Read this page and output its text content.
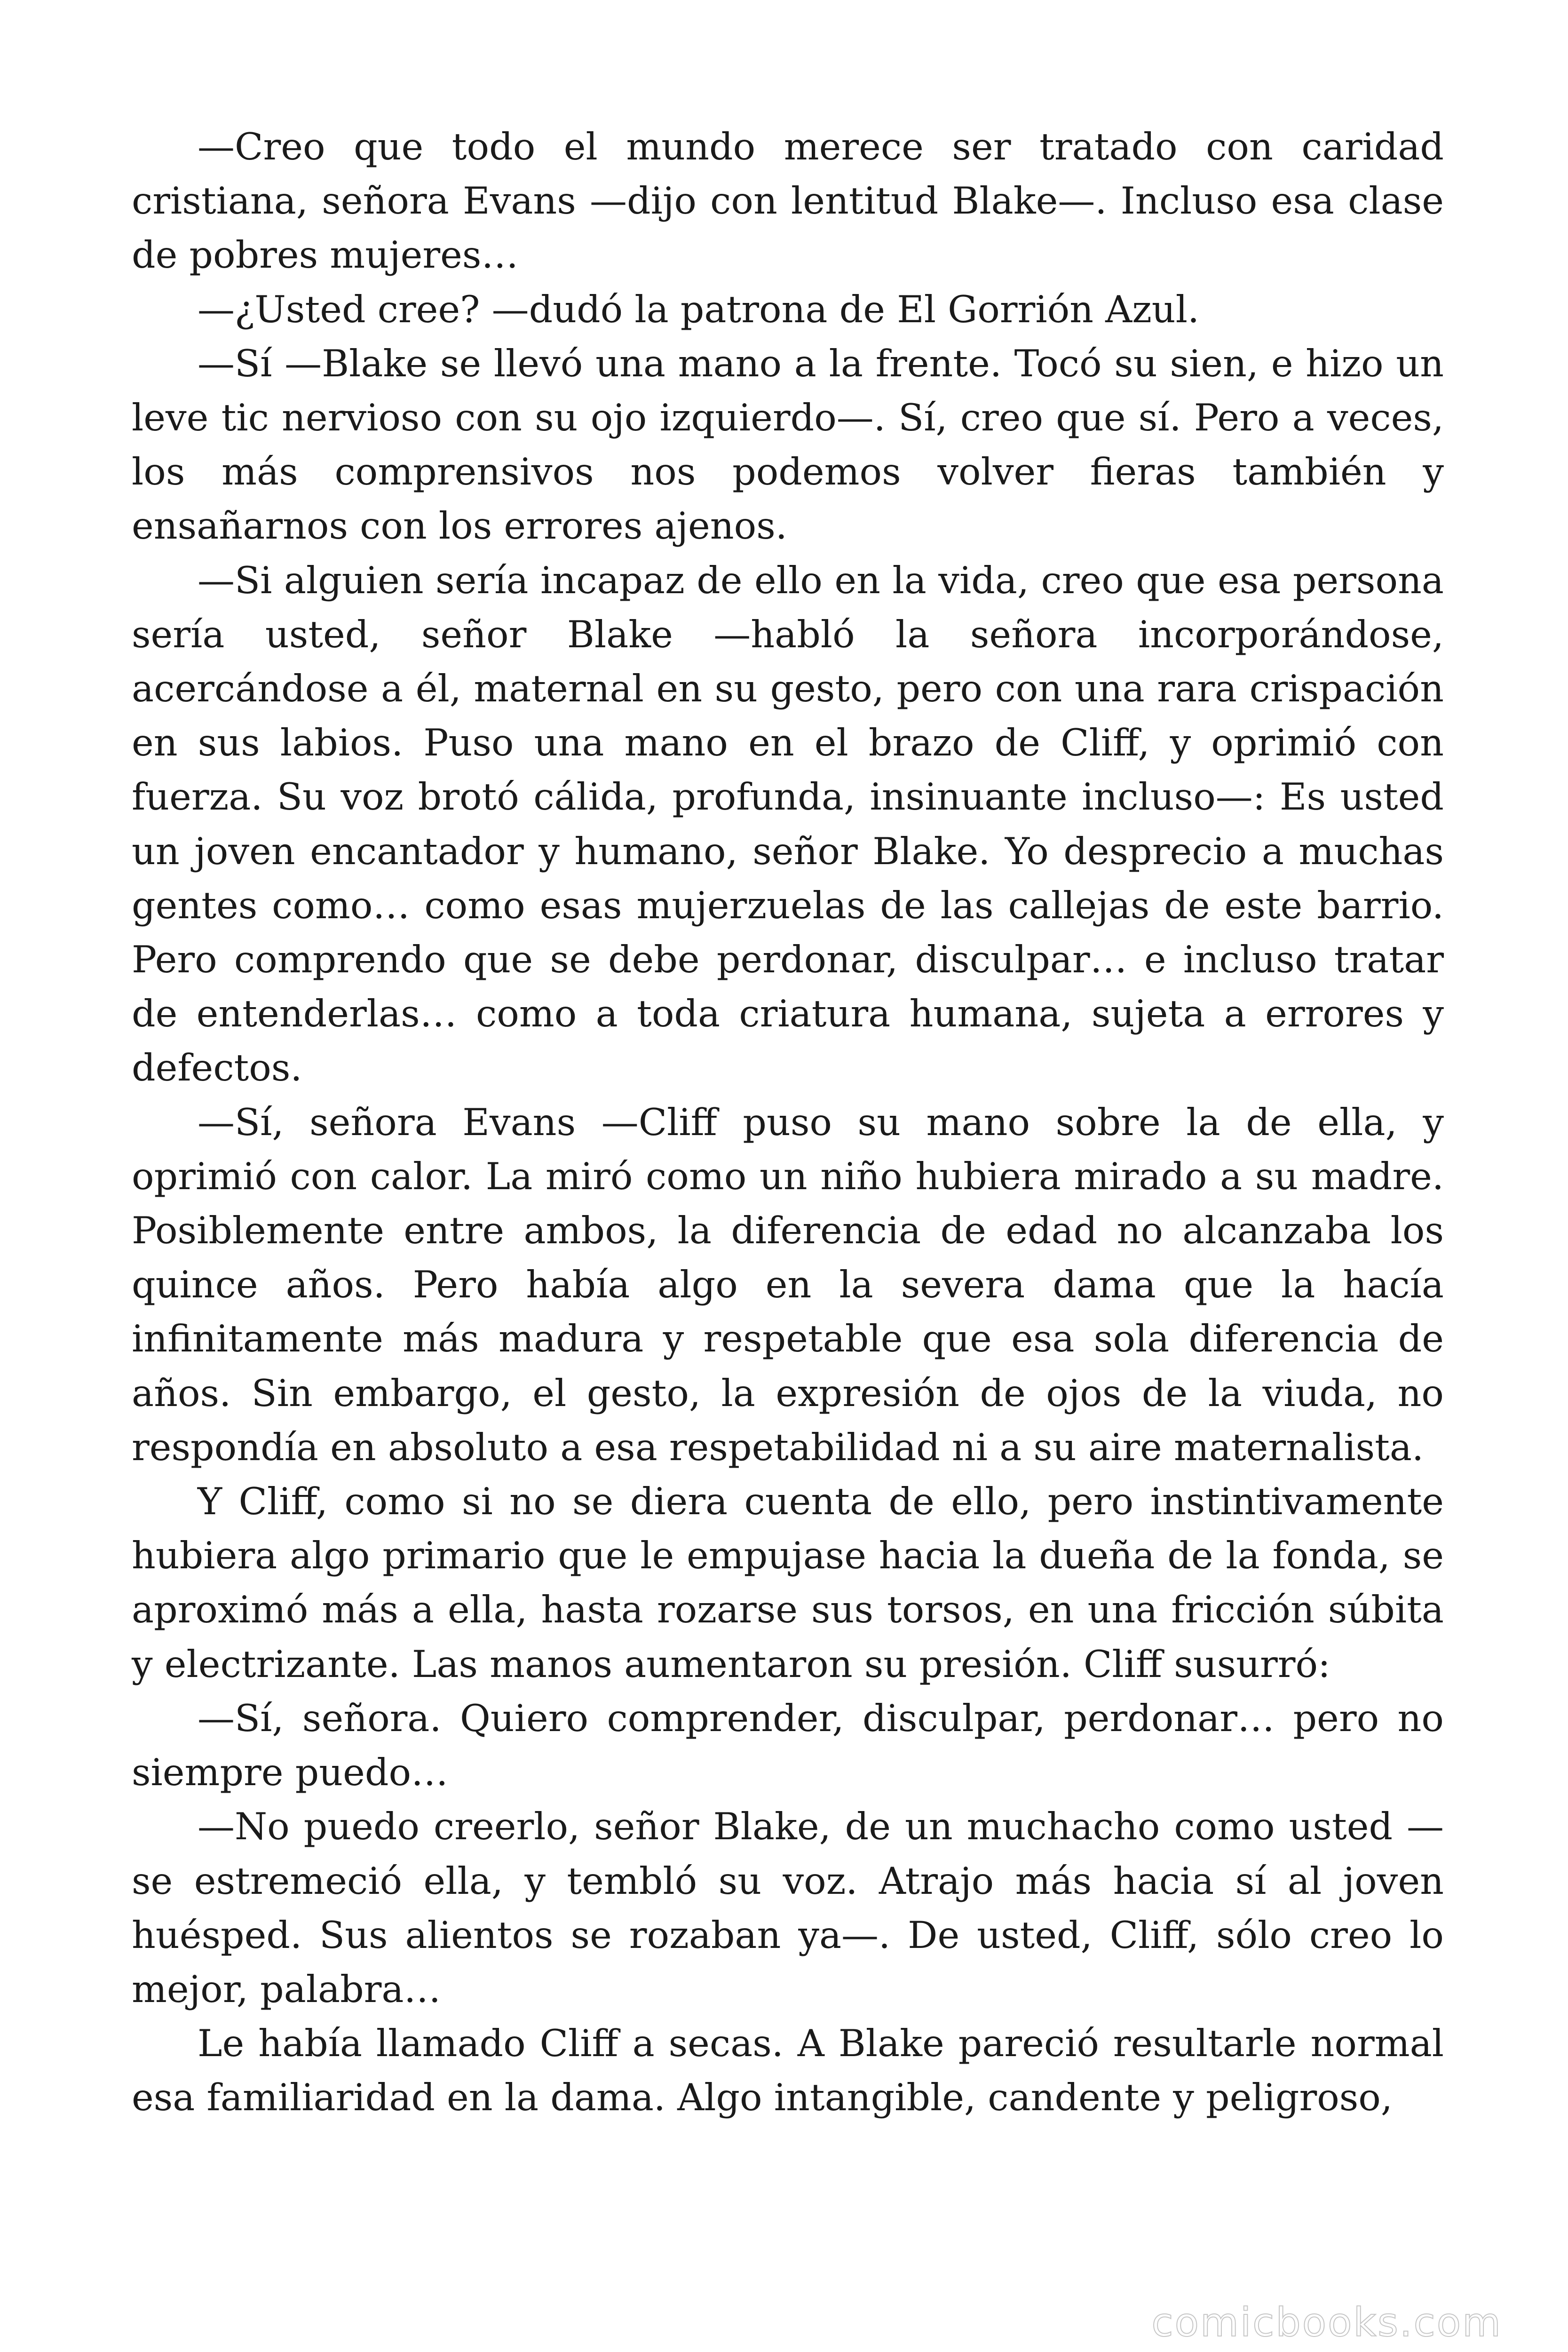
—Creo que todo el mundo merece ser tratado con caridad cristiana, señora Evans —dijo con lentitud Blake—. Incluso esa clase de pobres mujeres…

—¿Usted cree? —dudó la patrona de El Gorrión Azul.

—Sí —Blake se llevó una mano a la frente. Tocó su sien, e hizo un leve tic nervioso con su ojo izquierdo—. Sí, creo que sí. Pero a veces, los más comprensivos nos podemos volver fieras también y ensañarnos con los errores ajenos.

—Si alguien sería incapaz de ello en la vida, creo que esa persona sería usted, señor Blake —habló la señora incorporándose, acercándose a él, maternal en su gesto, pero con una rara crispación en sus labios. Puso una mano en el brazo de Cliff, y oprimió con fuerza. Su voz brotó cálida, profunda, insinuante incluso—: Es usted un joven encantador y humano, señor Blake. Yo desprecio a muchas gentes como… como esas mujerzuelas de las callejas de este barrio. Pero comprendo que se debe perdonar, disculpar… e incluso tratar de entenderlas… como a toda criatura humana, sujeta a errores y defectos.

—Sí, señora Evans —Cliff puso su mano sobre la de ella, y oprimió con calor. La miró como un niño hubiera mirado a su madre. Posiblemente entre ambos, la diferencia de edad no alcanzaba los quince años. Pero había algo en la severa dama que la hacía infinitamente más madura y respetable que esa sola diferencia de años. Sin embargo, el gesto, la expresión de ojos de la viuda, no respondía en absoluto a esa respetabilidad ni a su aire maternalista.

Y Cliff, como si no se diera cuenta de ello, pero instintivamente hubiera algo primario que le empujase hacia la dueña de la fonda, se aproximó más a ella, hasta rozarse sus torsos, en una fricción súbita y electrizante. Las manos aumentaron su presión. Cliff susurró:

—Sí, señora. Quiero comprender, disculpar, perdonar… pero no siempre puedo…

—No puedo creerlo, señor Blake, de un muchacho como usted —se estremeció ella, y tembló su voz. Atrajo más hacia sí al joven huésped. Sus alientos se rozaban ya—. De usted, Cliff, sólo creo lo mejor, palabra…

Le había llamado Cliff a secas. A Blake pareció resultarle normal esa familiaridad en la dama. Algo intangible, candente y peligroso,

comicbooks.com
